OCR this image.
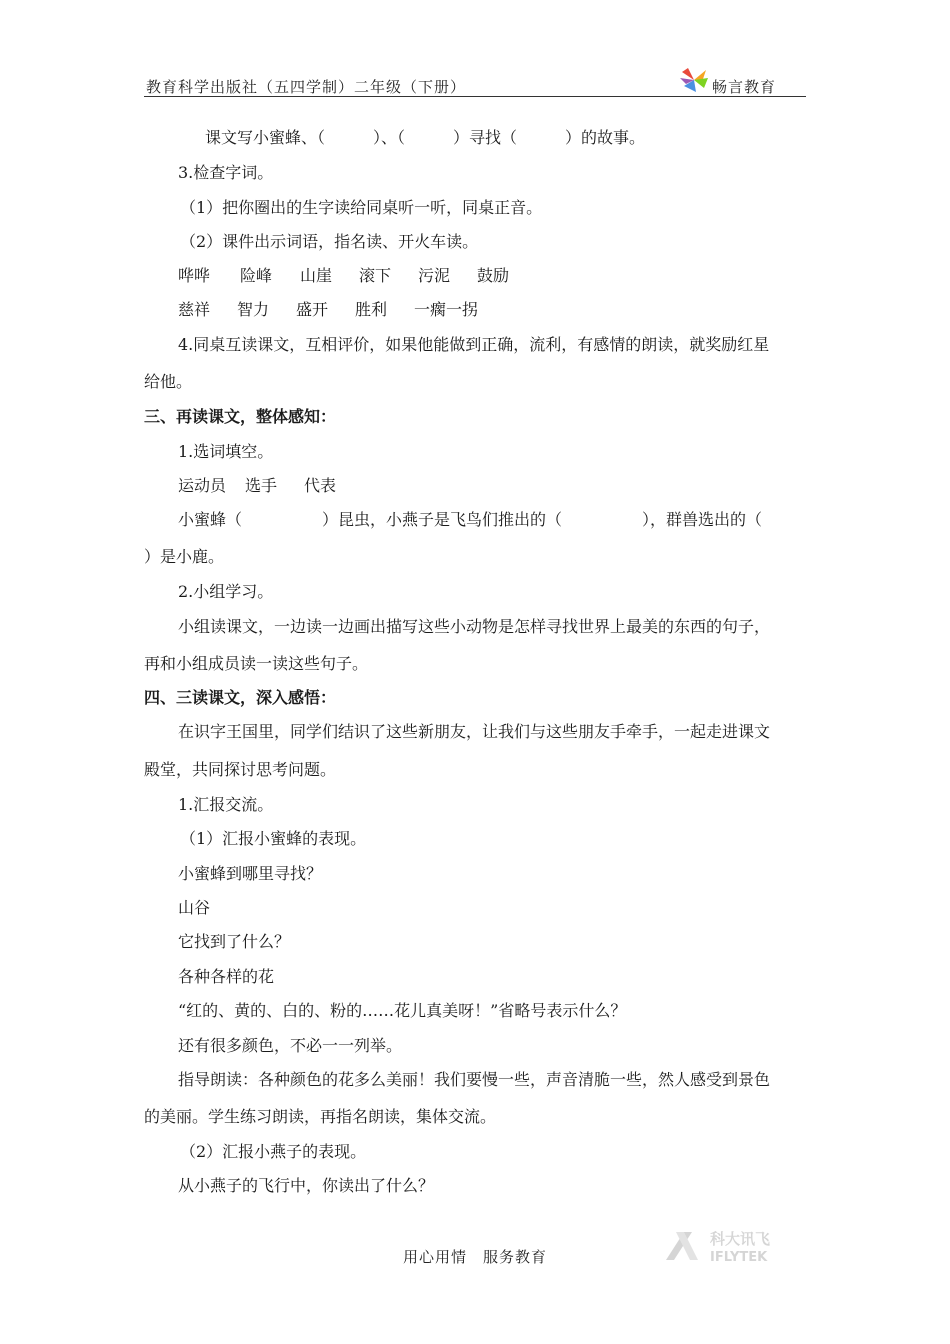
教育科学出版社（五四学制）二年级（下册）	畅言教育
课文写小蜜蜂、（　　　）、（　　　）寻找（　　　）的故事。
3.检查字词。
（1）把你圈出的生字读给同桌听一听，同桌正音。
（2）课件出示词语，指名读、开火车读。
哗哗 险峰 山崖 滚下 污泥 鼓励
慈祥 智力 盛开 胜利 一瘸一拐
4.同桌互读课文，互相评价，如果他能做到正确，流利，有感情的朗读，就奖励红星
给他。
三、再读课文，整体感知：
1.选词填空。
运动员 选手 代表
小蜜蜂（　　　　　）昆虫，小燕子是飞鸟们推出的（　　　　　），群兽选出的（
）是小鹿。
2.小组学习。
小组读课文，一边读一边画出描写这些小动物是怎样寻找世界上最美的东西的句子，
再和小组成员读一读这些句子。
四、三读课文，深入感悟：
在识字王国里，同学们结识了这些新朋友，让我们与这些朋友手牵手，一起走进课文
殿堂，共同探讨思考问题。
1.汇报交流。
（1）汇报小蜜蜂的表现。
小蜜蜂到哪里寻找？
山谷
它找到了什么？
各种各样的花
“红的、黄的、白的、粉的……花儿真美呀！”省略号表示什么？
还有很多颜色，不必一一列举。
指导朗读：各种颜色的花多么美丽！我们要慢一些，声音清脆一些，然人感受到景色
的美丽。学生练习朗读，再指名朗读，集体交流。
（2）汇报小燕子的表现。
从小燕子的飞行中，你读出了什么？
用心用情　服务教育
科大讯飞
IFLYTEK
